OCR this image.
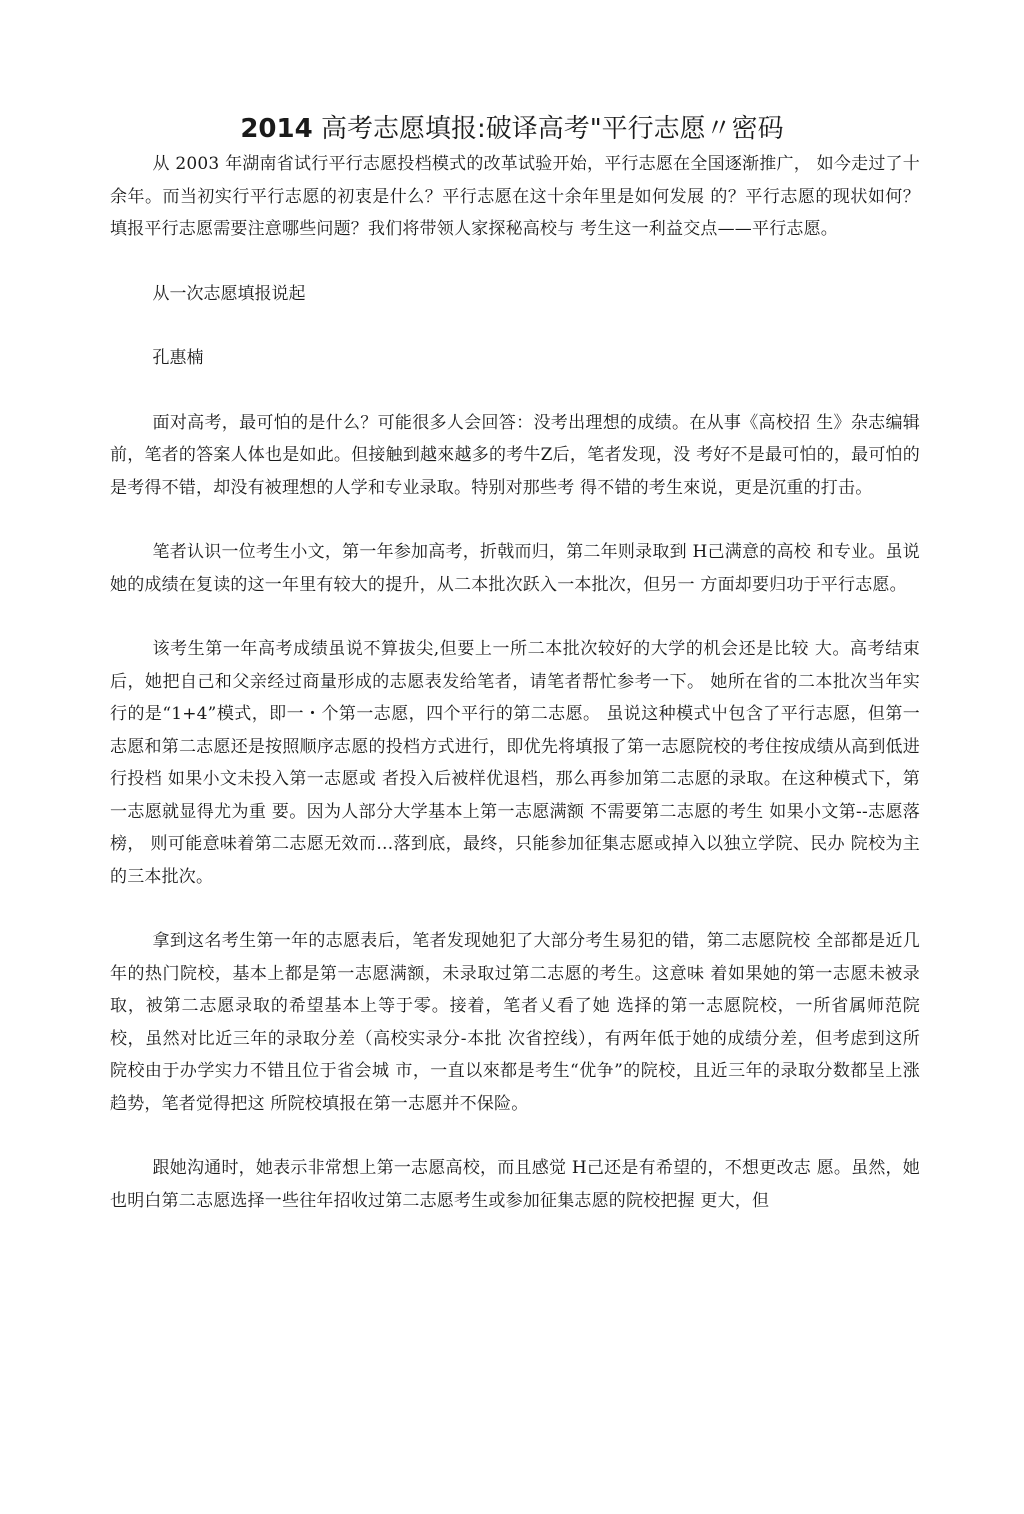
2014 高考志愿填报:破译高考"平行志愿〃密码

从 2003 年湖南省试行平行志愿投档模式的改革试验开始，平行志愿在全国逐渐推广， 如今走过了十余年。而当初实行平行志愿的初衷是什么？平行志愿在这十余年里是如何发展 的？平行志愿的现状如何？填报平行志愿需要注意哪些问题？我们将带领人家探秘高校与 考生这一利益交点——平行志愿。

从一次志愿填报说起

孔惠楠

面对高考，最可怕的是什么？可能很多人会回答：没考出理想的成绩。在从事《高校招 生》杂志编辑前，笔者的答案人体也是如此。但接触到越來越多的考牛Z后，笔者发现，没 考好不是最可怕的，最可怕的是考得不错，却没有被理想的人学和专业录取。特别对那些考 得不错的考生來说，更是沉重的打击。

笔者认识一位考生小文，第一年参加高考，折戟而归，第二年则录取到 H己满意的高校 和专业。虽说她的成绩在复读的这一年里有较大的提升，从二本批次跃入一本批次，但另一 方面却要归功于平行志愿。

该考生第一年高考成绩虽说不算拔尖,但要上一所二本批次较好的大学的机会还是比较 大。高考结束后，她把自己和父亲经过商量形成的志愿表发给笔者，请笔者帮忙参考一下。 她所在省的二本批次当年实行的是“1+4”模式，即一・个第一志愿，四个平行的第二志愿。 虽说这种模式屮包含了平行志愿，但第一志愿和第二志愿还是按照顺序志愿的投档方式进行，即优先将填报了第一志愿院校的考住按成绩从高到低进行投档 如果小文未投入第一志愿或 者投入后被样优退档，那么再参加第二志愿的录取。在这种模式下，第一志愿就显得尤为重 要。因为人部分大学基本上第一志愿满额 不需要第二志愿的考生 如果小文第--志愿落榜， 则可能意味着第二志愿无效而…落到底，最终，只能参加征集志愿或掉入以独立学院、民办 院校为主的三本批次。

拿到这名考生第一年的志愿表后，笔者发现她犯了大部分考生易犯的错，第二志愿院校 全部都是近几年的热门院校，基本上都是第一志愿满额，未录取过第二志愿的考生。这意味 着如果她的第一志愿未被录取，被第二志愿录取的希望基本上等于零。接着，笔者乂看了她 选择的第一志愿院校，一所省属师范院校，虽然对比近三年的录取分差（高校实录分-本批 次省控线），有两年低于她的成绩分差，但考虑到这所院校由于办学实力不错且位于省会城 市，一直以來都是考生“优争”的院校，且近三年的录取分数都呈上涨趋势，笔者觉得把这 所院校填报在第一志愿并不保险。

跟她沟通时，她表示非常想上第一志愿高校，而且感觉 H己还是有希望的，不想更改志 愿。虽然，她也明白第二志愿选择一些往年招收过第二志愿考生或参加征集志愿的院校把握 更大，但
